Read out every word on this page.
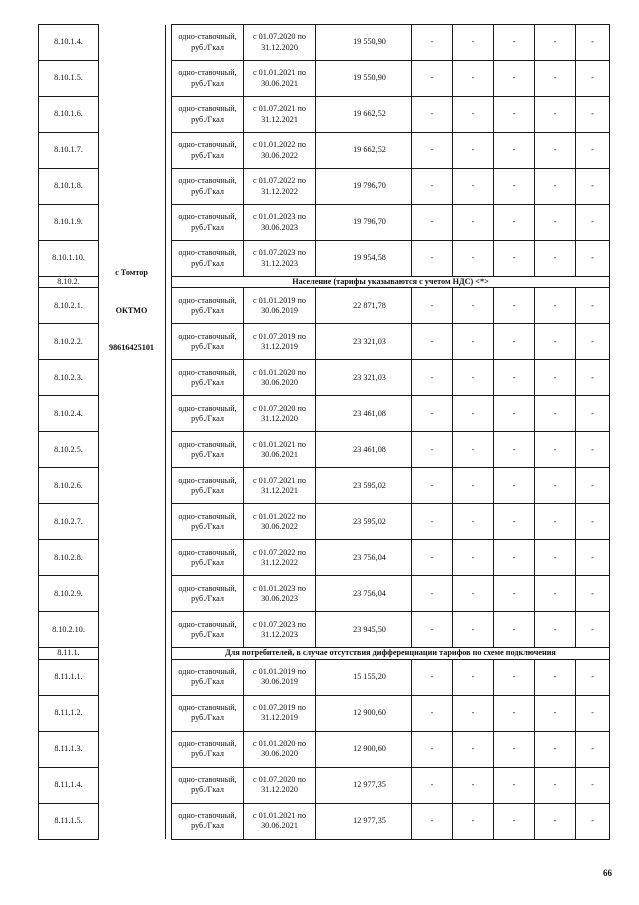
8.10.1.4.			одно-ставочный, руб./Гкал	с 01.07.2020 по 31.12.2020	19 550,90	-	-	-	-	-
8.10.1.5.			одно-ставочный, руб./Гкал	с 01.01.2021 по 30.06.2021	19 550,90	-	-	-	-	-
8.10.1.6.			одно-ставочный, руб./Гкал	с 01.07.2021 по 31.12.2021	19 662,52	-	-	-	-	-
8.10.1.7.			одно-ставочный, руб./Гкал	с 01.01.2022 по 30.06.2022	19 662,52	-	-	-	-	-
8.10.1.8.			одно-ставочный, руб./Гкал	с 01.07.2022 по 31.12.2022	19 796,70	-	-	-	-	-
8.10.1.9.			одно-ставочный, руб./Гкал	с 01.01.2023 по 30.06.2023	19 796,70	-	-	-	-	-
8.10.1.10.			одно-ставочный, руб./Гкал	с 01.07.2023 по 31.12.2023	19 954,58	-	-	-	-	-
8.10.2.			Население (тарифы указываются с учетом НДС) <*>							
8.10.2.1.			одно-ставочный, руб./Гкал	с 01.01.2019 по 30.06.2019	22 871,78	-	-	-	-	-
8.10.2.2.			одно-ставочный, руб./Гкал	с 01.07.2019 по 31.12.2019	23 321,03	-	-	-	-	-
8.10.2.3.			одно-ставочный, руб./Гкал	с 01.01.2020 по 30.06.2020	23 321,03	-	-	-	-	-
8.10.2.4.			одно-ставочный, руб./Гкал	с 01.07.2020 по 31.12.2020	23 461,08	-	-	-	-	-
8.10.2.5.			одно-ставочный, руб./Гкал	с 01.01.2021 по 30.06.2021	23 461,08	-	-	-	-	-
8.10.2.6.			одно-ставочный, руб./Гкал	с 01.07.2021 по 31.12.2021	23 595,02	-	-	-	-	-
8.10.2.7.			одно-ставочный, руб./Гкал	с 01.01.2022 по 30.06.2022	23 595,02	-	-	-	-	-
8.10.2.8.			одно-ставочный, руб./Гкал	с 01.07.2022 по 31.12.2022	23 756,04	-	-	-	-	-
8.10.2.9.			одно-ставочный, руб./Гкал	с 01.01.2023 по 30.06.2023	23 756,04	-	-	-	-	-
8.10.2.10.			одно-ставочный, руб./Гкал	с 01.07.2023 по 31.12.2023	23 945,50	-	-	-	-	-
8.11.1.			Для потребителей, в случае отсутствия дифференциации тарифов по схеме подключения							
8.11.1.1.			одно-ставочный, руб./Гкал	с 01.01.2019 по 30.06.2019	15 155,20	-	-	-	-	-
8.11.1.2.			одно-ставочный, руб./Гкал	с 01.07.2019 по 31.12.2019	12 900,60	-	-	-	-	-
8.11.1.3.			одно-ставочный, руб./Гкал	с 01.01.2020 по 30.06.2020	12 900,60	-	-	-	-	-
8.11.1.4.			одно-ставочный, руб./Гкал	с 01.07.2020 по 31.12.2020	12 977,35	-	-	-	-	-
8.11.1.5.			одно-ставочный, руб./Гкал	с 01.01.2021 по 30.06.2021	12 977,35	-	-	-	-	-
66
с Томтор
ОКТМО
98616425101
